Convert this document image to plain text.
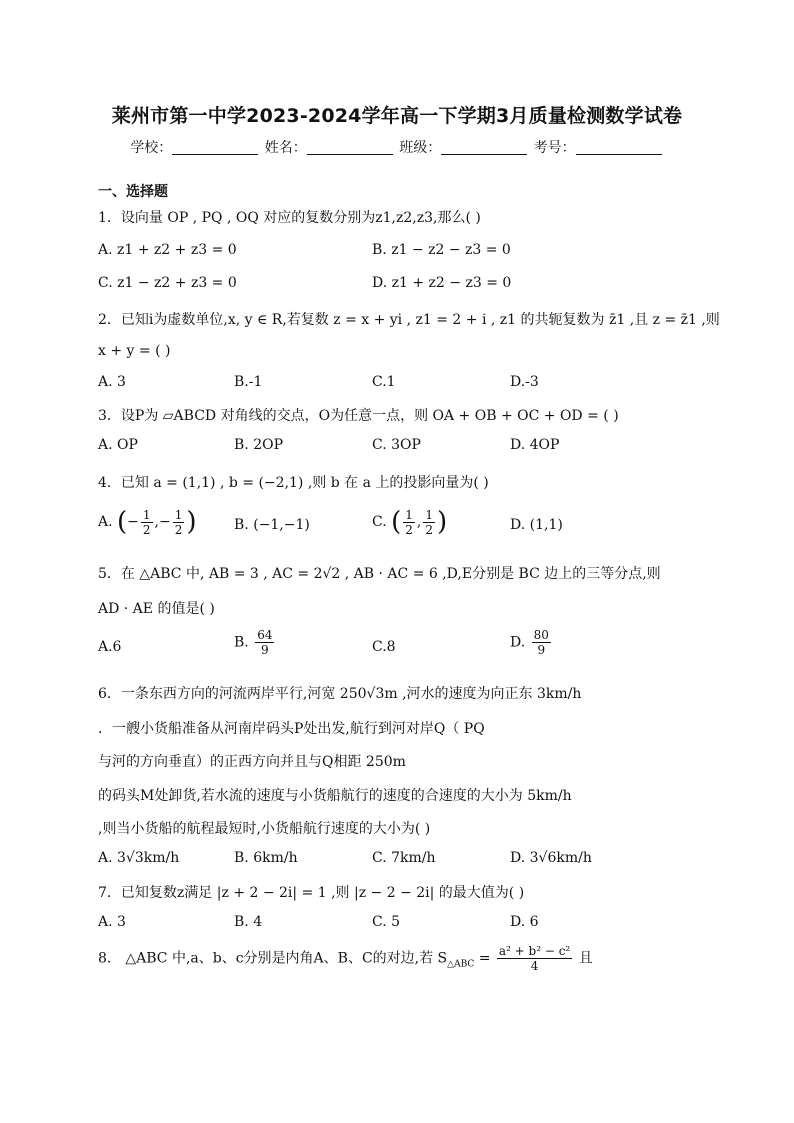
莱州市第一中学2023-2024学年高一下学期3月质量检测数学试卷
学校：	姓名：	班级：	考号：
一、选择题
1．设向量 OP , PQ , OQ 对应的复数分别为z1,z2,z3,那么( )
A. z1 + z2 + z3 = 0	B. z1 − z2 − z3 = 0
C. z1 − z2 + z3 = 0	D. z1 + z2 − z3 = 0
2．已知i为虚数单位,x, y ∈ R,若复数 z = x + yi , z1 = 2 + i , z1 的共轭复数为 z̄1 ,且 z = z̄1 ,则
x + y = ( )
A. 3	B.-1	C.1	D.-3
3．设P为 ▱ABCD 对角线的交点，O为任意一点，则 OA + OB + OC + OD = ( )
A. OP	B. 2OP	C. 3OP	D. 4OP
4．已知 a = (1,1) , b = (−2,1) ,则 b 在 a 上的投影向量为( )
A. (− $\frac{1}{2}$ ,− $\frac{1}{2}$ )	B. (−1,−1)	C. ( $\frac{1}{2}$ , $\frac{1}{2}$ )	D. (1,1)
5．在 △ABC 中, AB = 3 , AC = 2√2 , AB · AC = 6 ,D,E分别是 BC 边上的三等分点,则
AD · AE 的值是( )
A.6	B. $\frac{64}{9}$	C.8	D. $\frac{80}{9}$
6．一条东西方向的河流两岸平行,河宽 250√3m ,河水的速度为向正东 3km/h
．一艘小货船准备从河南岸码头P处出发,航行到河对岸Q（ PQ
与河的方向垂直）的正西方向并且与Q相距 250m
的码头M处卸货,若水流的速度与小货船航行的速度的合速度的大小为 5km/h
,则当小货船的航程最短时,小货船航行速度的大小为( )
A. 3√3km/h	B. 6km/h	C. 7km/h	D. 3√6km/h
7．已知复数z满足 |z + 2 − 2i| = 1 ,则 |z − 2 − 2i| 的最大值为( )
A. 3	B. 4	C. 5	D. 6
8． △ABC 中,a、b、c分别是内角A、B、C的对边,若 $S_{\triangle ABC} = \frac{\text{a² + b² − c²}}{4}$ 且
